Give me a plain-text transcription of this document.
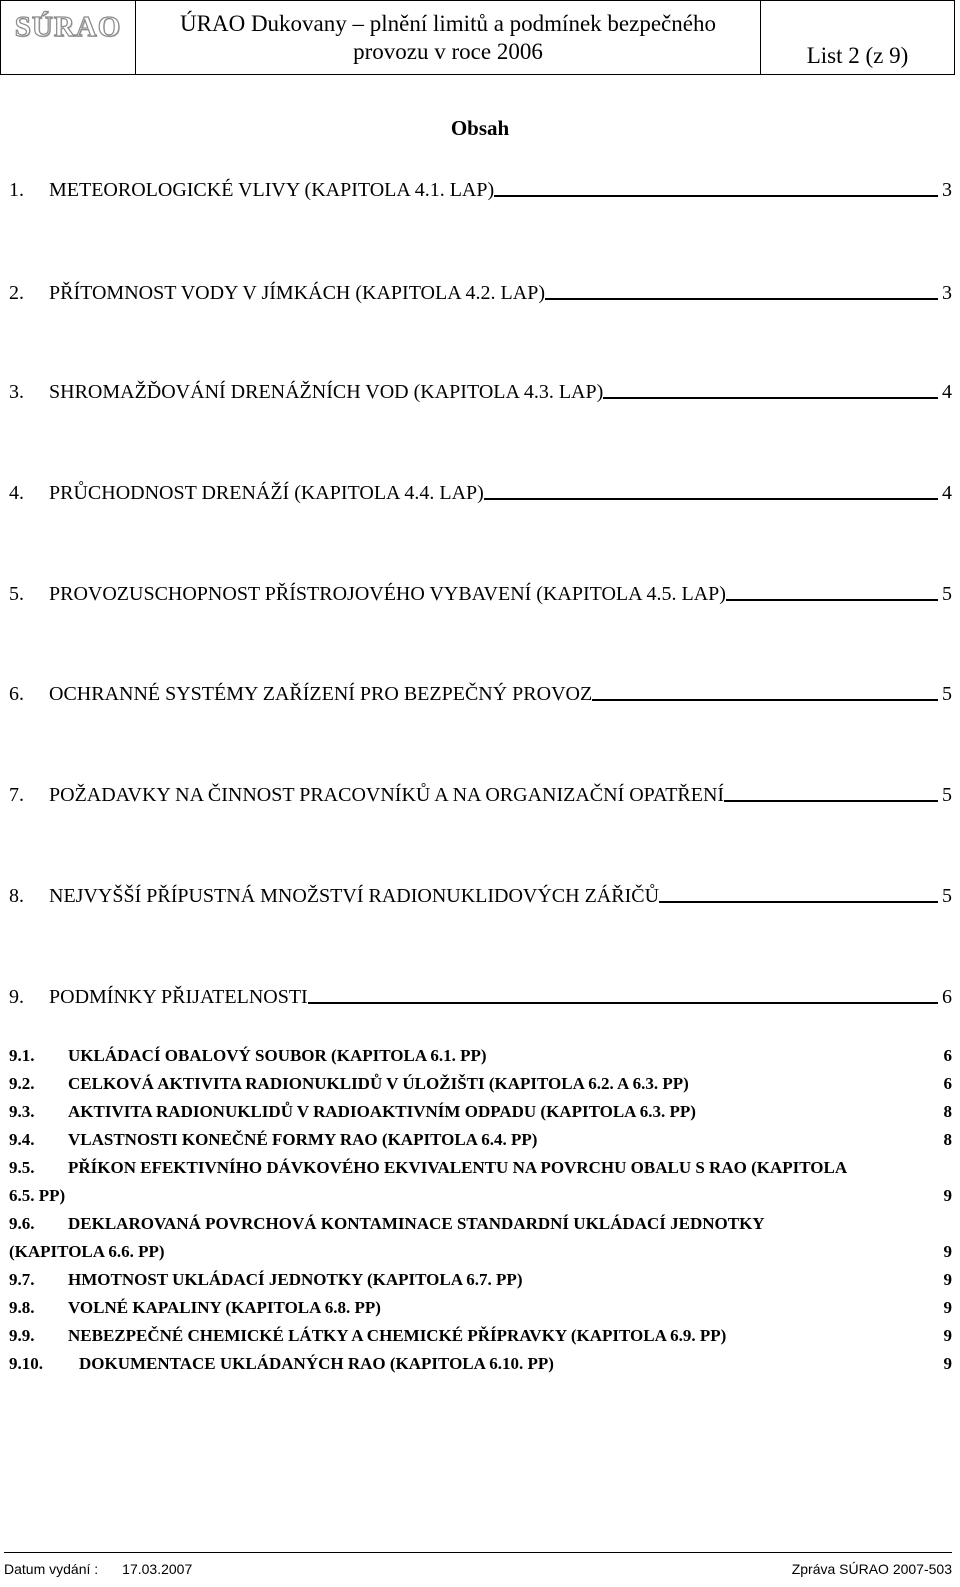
SÚRAO	ÚRAO Dukovany – plnění limitů a podmínek bezpečného
provozu v roce 2006	List 2 (z 9)
Obsah
1.	METEOROLOGICKÉ VLIVY (KAPITOLA 4.1. LAP)	3
2.	PŘÍTOMNOST VODY V JÍMKÁCH (KAPITOLA 4.2. LAP)	3
3.	SHROMAŽĎOVÁNÍ DRENÁŽNÍCH VOD (KAPITOLA 4.3. LAP)	4
4.	PRŮCHODNOST DRENÁŽÍ (KAPITOLA 4.4. LAP)	4
5.	PROVOZUSCHOPNOST PŘÍSTROJOVÉHO VYBAVENÍ (KAPITOLA 4.5. LAP)	5
6.	OCHRANNÉ SYSTÉMY ZAŘÍZENÍ PRO BEZPEČNÝ PROVOZ	5
7.	POŽADAVKY NA ČINNOST PRACOVNÍKŮ A NA ORGANIZAČNÍ OPATŘENÍ	5
8.	NEJVYŠŠÍ PŘÍPUSTNÁ MNOŽSTVÍ RADIONUKLIDOVÝCH ZÁŘIČŮ	5
9.	PODMÍNKY PŘIJATELNOSTI	6
9.1.	UKLÁDACÍ OBALOVÝ SOUBOR (KAPITOLA 6.1. PP)	6
9.2.	CELKOVÁ AKTIVITA RADIONUKLIDŮ V ÚLOŽIŠTI (KAPITOLA 6.2. A 6.3. PP)	6
9.3.	AKTIVITA RADIONUKLIDŮ V RADIOAKTIVNÍM ODPADU (KAPITOLA 6.3. PP)	8
9.4.	VLASTNOSTI KONEČNÉ FORMY RAO (KAPITOLA 6.4. PP)	8
9.5.	PŘÍKON EFEKTIVNÍHO DÁVKOVÉHO EKVIVALENTU NA POVRCHU OBALU S RAO (KAPITOLA
6.5. PP)	9
9.6.	DEKLAROVANÁ POVRCHOVÁ KONTAMINACE STANDARDNÍ UKLÁDACÍ JEDNOTKY
(KAPITOLA 6.6. PP)	9
9.7.	HMOTNOST UKLÁDACÍ JEDNOTKY (KAPITOLA 6.7. PP)	9
9.8.	VOLNÉ KAPALINY (KAPITOLA 6.8. PP)	9
9.9.	NEBEZPEČNÉ CHEMICKÉ LÁTKY A CHEMICKÉ PŘÍPRAVKY (KAPITOLA 6.9. PP)	9
9.10.	DOKUMENTACE UKLÁDANÝCH RAO (KAPITOLA 6.10. PP)	9
Datum vydání : 17.03.2007	Zpráva SÚRAO 2007-503
